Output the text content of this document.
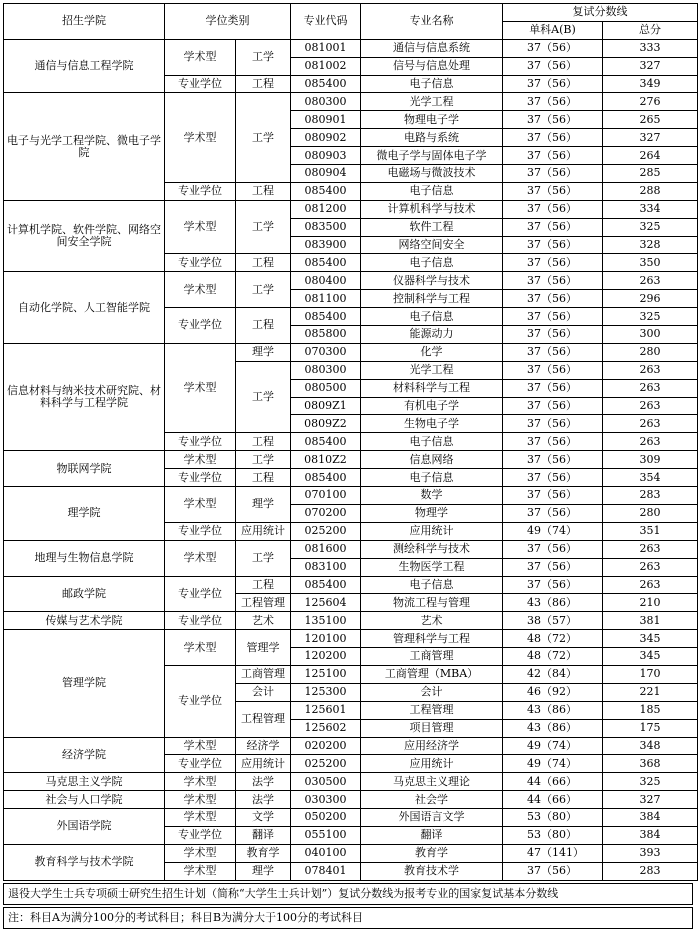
招生学院	学位类别		专业代码	专业名称	复试分数线	
					单科A(B)	总分
通信与信息工程学院	学术型	工学	081001	通信与信息系统	37（56）	333
			081002	信号与信息处理	37（56）	327
	专业学位	工程	085400	电子信息	37（56）	349
电子与光学工程学院、微电子学院	学术型	工学	080300	光学工程	37（56）	276
			080901	物理电子学	37（56）	265
			080902	电路与系统	37（56）	327
			080903	微电子学与固体电子学	37（56）	264
			080904	电磁场与微波技术	37（56）	285
	专业学位	工程	085400	电子信息	37（56）	288
计算机学院、软件学院、网络空间安全学院	学术型	工学	081200	计算机科学与技术	37（56）	334
			083500	软件工程	37（56）	325
			083900	网络空间安全	37（56）	328
	专业学位	工程	085400	电子信息	37（56）	350
自动化学院、人工智能学院	学术型	工学	080400	仪器科学与技术	37（56）	263
			081100	控制科学与工程	37（56）	296
	专业学位	工程	085400	电子信息	37（56）	325
			085800	能源动力	37（56）	300
信息材料与纳米技术研究院、材料科学与工程学院	学术型	理学	070300	化学	37（56）	280
		工学	080300	光学工程	37（56）	263
			080500	材料科学与工程	37（56）	263
			0809Z1	有机电子学	37（56）	263
			0809Z2	生物电子学	37（56）	263
	专业学位	工程	085400	电子信息	37（56）	263
物联网学院	学术型	工学	0810Z2	信息网络	37（56）	309
	专业学位	工程	085400	电子信息	37（56）	354
理学院	学术型	理学	070100	数学	37（56）	283
			070200	物理学	37（56）	280
	专业学位	应用统计	025200	应用统计	49（74）	351
地理与生物信息学院	学术型	工学	081600	测绘科学与技术	37（56）	263
			083100	生物医学工程	37（56）	263
邮政学院	专业学位	工程	085400	电子信息	37（56）	263
		工程管理	125604	物流工程与管理	43（86）	210
传媒与艺术学院	专业学位	艺术	135100	艺术	38（57）	381
管理学院	学术型	管理学	120100	管理科学与工程	48（72）	345
			120200	工商管理	48（72）	345
	专业学位	工商管理	125100	工商管理（MBA）	42（84）	170
		会计	125300	会计	46（92）	221
		工程管理	125601	工程管理	43（86）	185
			125602	项目管理	43（86）	175
经济学院	学术型	经济学	020200	应用经济学	49（74）	348
	专业学位	应用统计	025200	应用统计	49（74）	368
马克思主义学院	学术型	法学	030500	马克思主义理论	44（66）	325
社会与人口学院	学术型	法学	030300	社会学	44（66）	327
外国语学院	学术型	文学	050200	外国语言文学	53（80）	384
	专业学位	翻译	055100	翻译	53（80）	384
教育科学与技术学院	学术型	教育学	040100	教育学	47（141）	393
	学术型	理学	078401	教育技术学	37（56）	283
退役大学生士兵专项硕士研究生招生计划（简称“大学生士兵计划”）复试分数线为报考专业的国家复试基本分数线
注：科目A为满分100分的考试科目；科目B为满分大于100分的考试科目
